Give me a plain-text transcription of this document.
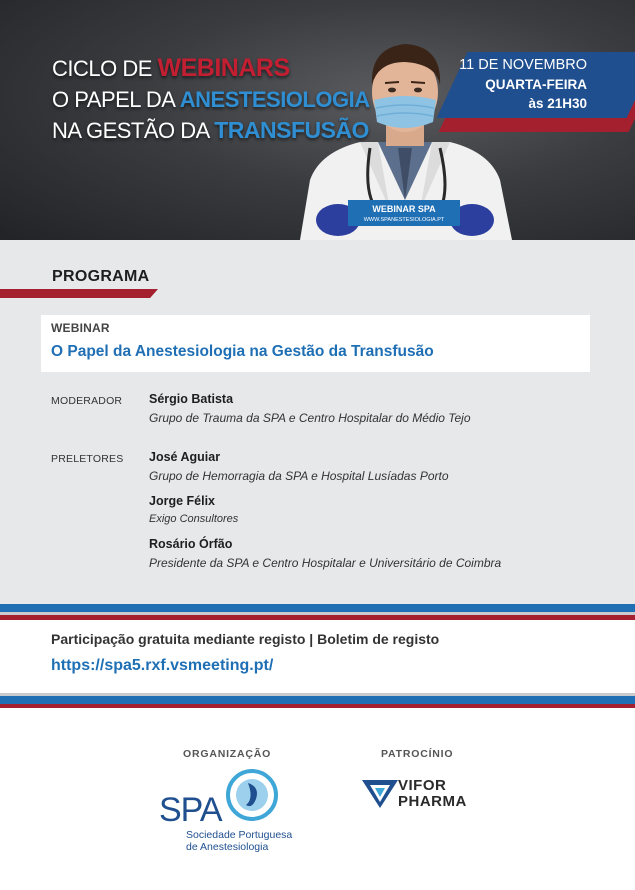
WEBINAR SPA
WWW.SPANESTESIOLOGIA.PT
CICLO DE WEBINARS
O PAPEL DA ANESTESIOLOGIA
NA GESTÃO DA TRANSFUSÃO
11 DE NOVEMBRO
QUARTA-FEIRA
às 21H30
PROGRAMA
WEBINAR
O Papel da Anestesiologia na Gestão da Transfusão
MODERADOR Sérgio Batista
Grupo de Trauma da SPA e Centro Hospitalar do Médio Tejo
PRELETORES José Aguiar
Grupo de Hemorragia da SPA e Hospital Lusíadas Porto
Jorge Félix
Exigo Consultores
Rosário Órfão
Presidente da SPA e Centro Hospitalar e Universitário de Coimbra
Participação gratuita mediante registo | Boletim de registo
https://spa5.rxf.vsmeeting.pt/
ORGANIZAÇÃO	PATROCÍNIO
SPA
Sociedade Portuguesa
de Anestesiologia
VIFOR
PHARMA
